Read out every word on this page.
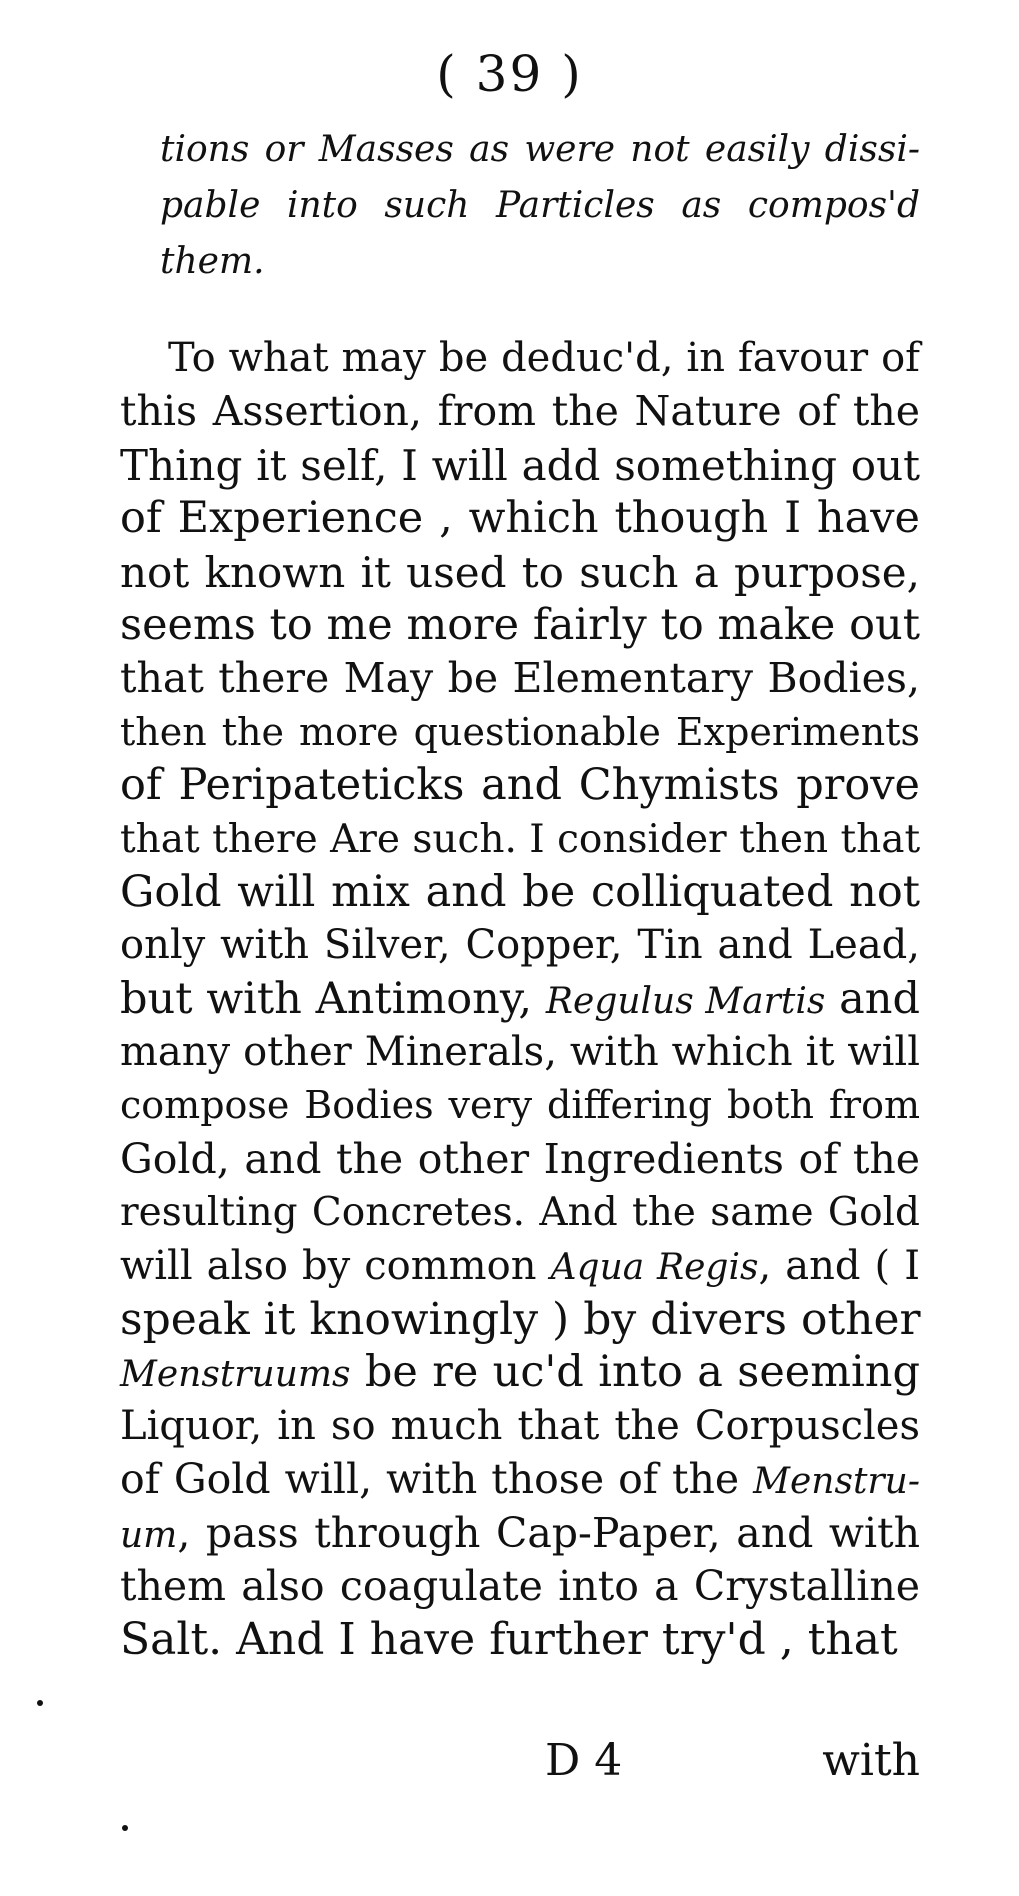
( 39 )
tions or Masses as were not easily dissi- pable into such Particles as compos'd them.
To what may be deduc'd, in favour of
this Assertion, from the Nature of the
Thing it self, I will add something out
of Experience , which though I have
not known it used to such a purpose,
seems to me more fairly to make out
that there May be Elementary Bodies,
then the more questionable Experiments
of Peripateticks and Chymists prove
that there Are such. I consider then that
Gold will mix and be colliquated not
only with Silver, Copper, Tin and Lead,
but with Antimony, Regulus Martis and
many other Minerals, with which it will
compose Bodies very differing both from
Gold, and the other Ingredients of the
resulting Concretes. And the same Gold
will also by common Aqua Regis, and ( I
speak it knowingly ) by divers other
Menstruums be re uc'd into a seeming
Liquor, in so much that the Corpuscles
of Gold will, with those of the Menstru-
um, pass through Cap-Paper, and with
them also coagulate into a Crystalline
Salt. And I have further try'd , that
D 4	with
